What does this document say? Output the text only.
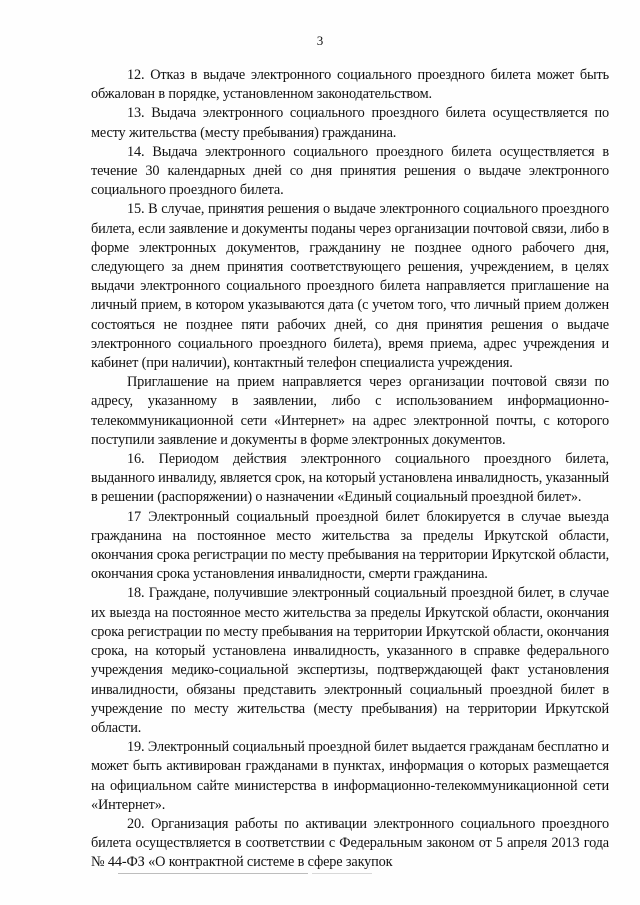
3

12. Отказ в выдаче электронного социального проездного билета может быть обжалован в порядке, установленном законодательством.

13. Выдача электронного социального проездного билета осуществляется по месту жительства (месту пребывания) гражданина.

14. Выдача электронного социального проездного билета осуществляется в течение 30 календарных дней со дня принятия решения о выдаче электронного социального проездного билета.

15. В случае, принятия решения о выдаче электронного социального проездного билета, если заявление и документы поданы через организации почтовой связи, либо в форме электронных документов, гражданину не позднее одного рабочего дня, следующего за днем принятия соответствующего решения, учреждением, в целях выдачи электронного социального проездного билета направляется приглашение на личный прием, в котором указываются дата (с учетом того, что личный прием должен состояться не позднее пяти рабочих дней, со дня принятия решения о выдаче электронного социального проездного билета), время приема, адрес учреждения и кабинет (при наличии), контактный телефон специалиста учреждения.

Приглашение на прием направляется через организации почтовой связи по адресу, указанному в заявлении, либо с использованием информационно-телекоммуникационной сети «Интернет» на адрес электронной почты, с которого поступили заявление и документы в форме электронных документов.

16. Периодом действия электронного социального проездного билета, выданного инвалиду, является срок, на который установлена инвалидность, указанный в решении (распоряжении) о назначении «Единый социальный проездной билет».

17 Электронный социальный проездной билет блокируется в случае выезда гражданина на постоянное место жительства за пределы Иркутской области, окончания срока регистрации по месту пребывания на территории Иркутской области, окончания срока установления инвалидности, смерти гражданина.

18. Граждане, получившие электронный социальный проездной билет, в случае их выезда на постоянное место жительства за пределы Иркутской области, окончания срока регистрации по месту пребывания на территории Иркутской области, окончания срока, на который установлена инвалидность, указанного в справке федерального учреждения медико-социальной экспертизы, подтверждающей факт установления инвалидности, обязаны представить электронный социальный проездной билет в учреждение по месту жительства (месту пребывания) на территории Иркутской области.

19. Электронный социальный проездной билет выдается гражданам бесплатно и может быть активирован гражданами в пунктах, информация о которых размещается на официальном сайте министерства в информационно-телекоммуникационной сети «Интернет».

20. Организация работы по активации электронного социального проездного билета осуществляется в соответствии с Федеральным законом от 5 апреля 2013 года № 44-ФЗ «О контрактной системе в сфере закупок
